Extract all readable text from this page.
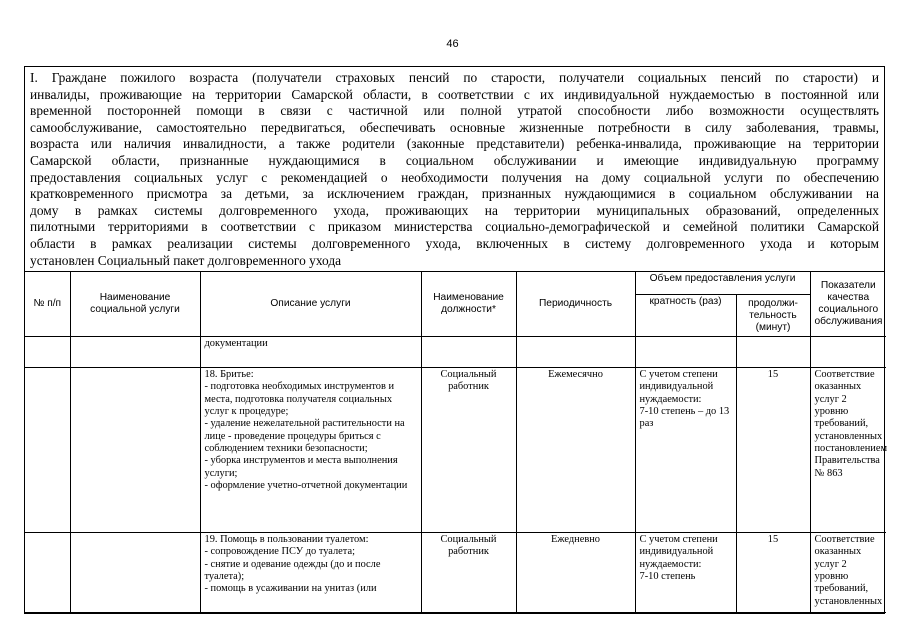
46
I. Граждане пожилого возраста (получатели страховых пенсий по старости, получатели социальных пенсий по старости) и
инвалиды, проживающие на территории Самарской области, в соответствии с их индивидуальной нуждаемостью в постоянной или
временной посторонней помощи в связи с частичной или полной утратой способности либо возможности осуществлять
самообслуживание, самостоятельно передвигаться, обеспечивать основные жизненные потребности в силу заболевания, травмы,
возраста или наличия инвалидности, а также родители (законные представители) ребенка-инвалида, проживающие на территории
Самарской области, признанные нуждающимися в социальном обслуживании и имеющие индивидуальную программу
предоставления социальных услуг с рекомендацией о необходимости получения на дому социальной услуги по обеспечению
кратковременного присмотра за детьми, за исключением граждан, признанных нуждающимися в социальном обслуживании на
дому в рамках системы долговременного ухода, проживающих на территории муниципальных образований, определенных
пилотными территориями в соответствии с приказом министерства социально-демографической и семейной политики Самарской
области в рамках реализации системы долговременного ухода, включенных в систему долговременного ухода и которым
установлен Социальный пакет долговременного ухода
№ п/п	Наименование социальной услуги	Описание услуги	Наименование должности*	Периодичность	Объем предоставления услуги		Показатели качества социального обслуживания
					кратность (раз)	продолжи-тельность (минут)	

		документации					

		18. Бритье:
- подготовка необходимых инструментов и места, подготовка получателя социальных услуг к процедуре;
- удаление нежелательной растительности на лице - проведение процедуры бриться с соблюдением техники безопасности;
- уборка инструментов и места выполнения услуги;
- оформление учетно-отчетной документации	Социальный работник	Ежемесячно	С учетом степени индивидуальной нуждаемости:
7-10 степень – до 13 раз	15	Соответствие оказанных услуг 2 уровню требований, установленных постановлением Правительства № 863

		19. Помощь в пользовании туалетом:
- сопровождение ПСУ до туалета;
- снятие и одевание одежды (до и после туалета);
- помощь в усаживании на унитаз (или	Социальный работник	Ежедневно	С учетом степени индивидуальной нуждаемости:
7-10 степень	15	Соответствие оказанных услуг 2 уровню требований, установленных
